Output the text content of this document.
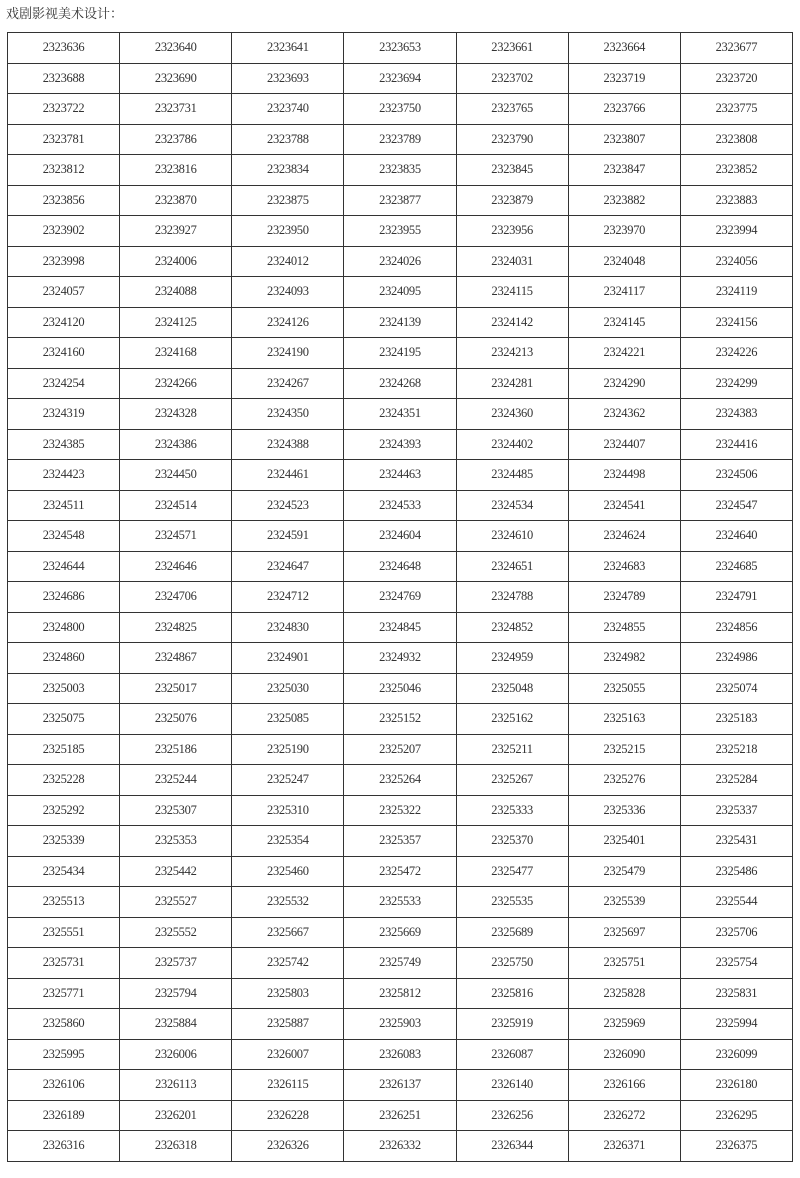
戏剧影视美术设计：
2323636	2323640	2323641	2323653	2323661	2323664	2323677
2323688	2323690	2323693	2323694	2323702	2323719	2323720
2323722	2323731	2323740	2323750	2323765	2323766	2323775
2323781	2323786	2323788	2323789	2323790	2323807	2323808
2323812	2323816	2323834	2323835	2323845	2323847	2323852
2323856	2323870	2323875	2323877	2323879	2323882	2323883
2323902	2323927	2323950	2323955	2323956	2323970	2323994
2323998	2324006	2324012	2324026	2324031	2324048	2324056
2324057	2324088	2324093	2324095	2324115	2324117	2324119
2324120	2324125	2324126	2324139	2324142	2324145	2324156
2324160	2324168	2324190	2324195	2324213	2324221	2324226
2324254	2324266	2324267	2324268	2324281	2324290	2324299
2324319	2324328	2324350	2324351	2324360	2324362	2324383
2324385	2324386	2324388	2324393	2324402	2324407	2324416
2324423	2324450	2324461	2324463	2324485	2324498	2324506
2324511	2324514	2324523	2324533	2324534	2324541	2324547
2324548	2324571	2324591	2324604	2324610	2324624	2324640
2324644	2324646	2324647	2324648	2324651	2324683	2324685
2324686	2324706	2324712	2324769	2324788	2324789	2324791
2324800	2324825	2324830	2324845	2324852	2324855	2324856
2324860	2324867	2324901	2324932	2324959	2324982	2324986
2325003	2325017	2325030	2325046	2325048	2325055	2325074
2325075	2325076	2325085	2325152	2325162	2325163	2325183
2325185	2325186	2325190	2325207	2325211	2325215	2325218
2325228	2325244	2325247	2325264	2325267	2325276	2325284
2325292	2325307	2325310	2325322	2325333	2325336	2325337
2325339	2325353	2325354	2325357	2325370	2325401	2325431
2325434	2325442	2325460	2325472	2325477	2325479	2325486
2325513	2325527	2325532	2325533	2325535	2325539	2325544
2325551	2325552	2325667	2325669	2325689	2325697	2325706
2325731	2325737	2325742	2325749	2325750	2325751	2325754
2325771	2325794	2325803	2325812	2325816	2325828	2325831
2325860	2325884	2325887	2325903	2325919	2325969	2325994
2325995	2326006	2326007	2326083	2326087	2326090	2326099
2326106	2326113	2326115	2326137	2326140	2326166	2326180
2326189	2326201	2326228	2326251	2326256	2326272	2326295
2326316	2326318	2326326	2326332	2326344	2326371	2326375
